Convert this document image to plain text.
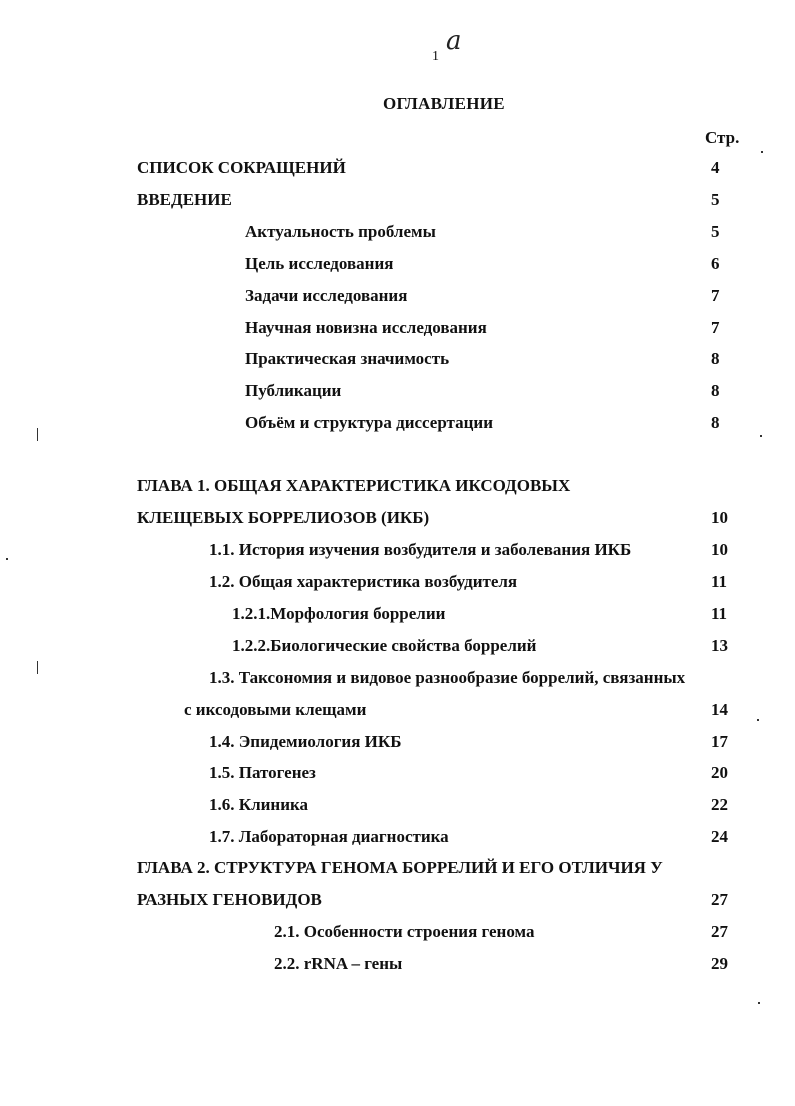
a
1
ОГЛАВЛЕНИЕ
Стр.
СПИСОК СОКРАЩЕНИЙ	4
ВВЕДЕНИЕ	5
Актуальность проблемы	5
Цель исследования	6
Задачи исследования	7
Научная новизна исследования	7
Практическая значимость	8
Публикации	8
Объём и структура диссертации	8
ГЛАВА 1. ОБЩАЯ ХАРАКТЕРИСТИКА ИКСОДОВЫХ
КЛЕЩЕВЫХ БОРРЕЛИОЗОВ (ИКБ)	10
1.1. История изучения возбудителя и заболевания ИКБ	10
1.2. Общая характеристика возбудителя	11
1.2.1.Морфология боррелии	11
1.2.2.Биологические свойства боррелий	13
1.3. Таксономия и видовое разнообразие боррелий, связанных
с иксодовыми клещами	14
1.4. Эпидемиология ИКБ	17
1.5. Патогенез	20
1.6. Клиника	22
1.7. Лабораторная диагностика	24
ГЛАВА 2. СТРУКТУРА ГЕНОМА БОРРЕЛИЙ И ЕГО ОТЛИЧИЯ У
РАЗНЫХ ГЕНОВИДОВ	27
2.1. Особенности строения генома	27
2.2. rRNA – гены	29
